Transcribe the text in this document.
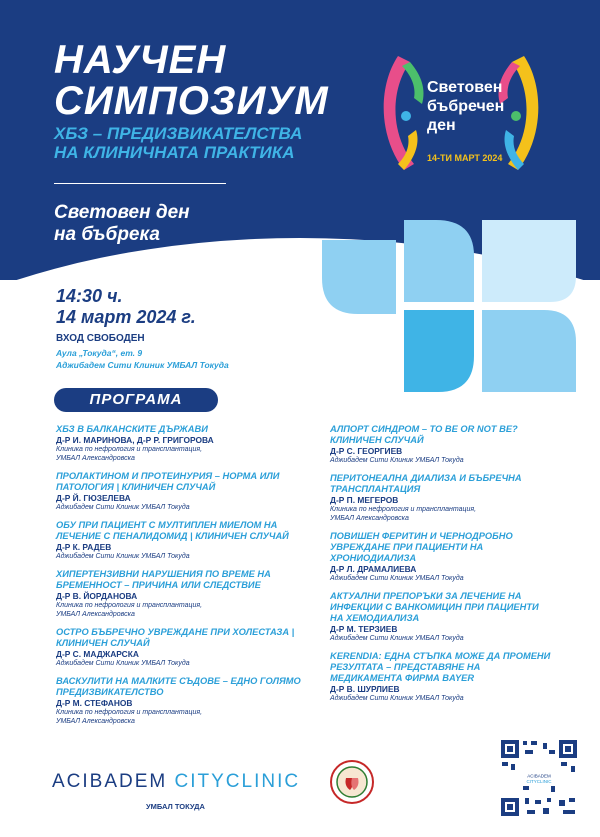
НАУЧЕН
СИМПОЗИУМ
ХБЗ – ПРЕДИЗВИКАТЕЛСТВА
НА КЛИНИЧНАТА ПРАКТИКА
Световен ден
на бъбрека
Световен
бъбречен
ден
14-ТИ МАРТ 2024
14:30 ч.
14 март 2024 г.
ВХОД СВОБОДЕН
Аула „Токуда“, ет. 9
Аджибадем Сити Клиник УМБАЛ Токуда
ПРОГРАМА
ХБЗ В БАЛКАНСКИТЕ ДЪРЖАВИ
Д-Р И. МАРИНОВА, Д-Р Р. ГРИГОРОВА
Клиника по нефрология и трансплантация,
УМБАЛ Александровска
ПРОЛАКТИНОМ И ПРОТЕИНУРИЯ – НОРМА ИЛИ ПАТОЛОГИЯ | КЛИНИЧЕН СЛУЧАЙ
Д-Р Й. ГЮЗЕЛЕВА
Аджибадем Сити Клиник УМБАЛ Токуда
ОБУ ПРИ ПАЦИЕНТ С МУЛТИПЛЕН МИЕЛОМ НА ЛЕЧЕНИЕ С ПЕНАЛИДОМИД | КЛИНИЧЕН СЛУЧАЙ
Д-Р К. РАДЕВ
Аджибадем Сити Клиник УМБАЛ Токуда
ХИПЕРТЕНЗИВНИ НАРУШЕНИЯ ПО ВРЕМЕ НА БРЕМЕННОСТ – ПРИЧИНА ИЛИ СЛЕДСТВИЕ
Д-Р В. ЙОРДАНОВА
Клиника по нефрология и трансплантация,
УМБАЛ Александровска
ОСТРО БЪБРЕЧНО УВРЕЖДАНЕ ПРИ ХОЛЕСТАЗА | КЛИНИЧЕН СЛУЧАЙ
Д-Р С. МАДЖАРСКА
Аджибадем Сити Клиник УМБАЛ Токуда
ВАСКУЛИТИ НА МАЛКИТЕ СЪДОВЕ – ЕДНО ГОЛЯМО ПРЕДИЗВИКАТЕЛСТВО
Д-Р М. СТЕФАНОВ
Клиника по нефрология и трансплантация,
УМБАЛ Александровска
АЛПОРТ СИНДРОМ – TO BE OR NOT BE? КЛИНИЧЕН СЛУЧАЙ
Д-Р С. ГЕОРГИЕВ
Аджибадем Сити Клиник УМБАЛ Токуда
ПЕРИТОНЕАЛНА ДИАЛИЗА И БЪБРЕЧНА ТРАНСПЛАНТАЦИЯ
Д-Р П. МЕГЕРОВ
Клиника по нефрология и трансплантация,
УМБАЛ Александровска
ПОВИШЕН ФЕРИТИН И ЧЕРНОДРОБНО УВРЕЖДАНЕ ПРИ ПАЦИЕНТИ НА ХРОНИОДИАЛИЗА
Д-Р Л. ДРАМАЛИЕВА
Аджибадем Сити Клиник УМБАЛ Токуда
АКТУАЛНИ ПРЕПОРЪКИ ЗА ЛЕЧЕНИЕ НА ИНФЕКЦИИ С ВАНКОМИЦИН ПРИ ПАЦИЕНТИ НА ХЕМОДИАЛИЗА
Д-Р М. ТЕРЗИЕВ
Аджибадем Сити Клиник УМБАЛ Токуда
KERENDIA: ЕДНА СТЪПКА МОЖЕ ДА ПРОМЕНИ РЕЗУЛТАТА – ПРЕДСТАВЯНЕ НА МЕДИКАМЕНТА ФИРМА BAYER
Д-Р В. ШУРЛИЕВ
Аджибадем Сити Клиник УМБАЛ Токуда
ACIBADEM CITYCLINIC
УМБАЛ ТОКУДА
ACIBADEM
CITYCLINIC
